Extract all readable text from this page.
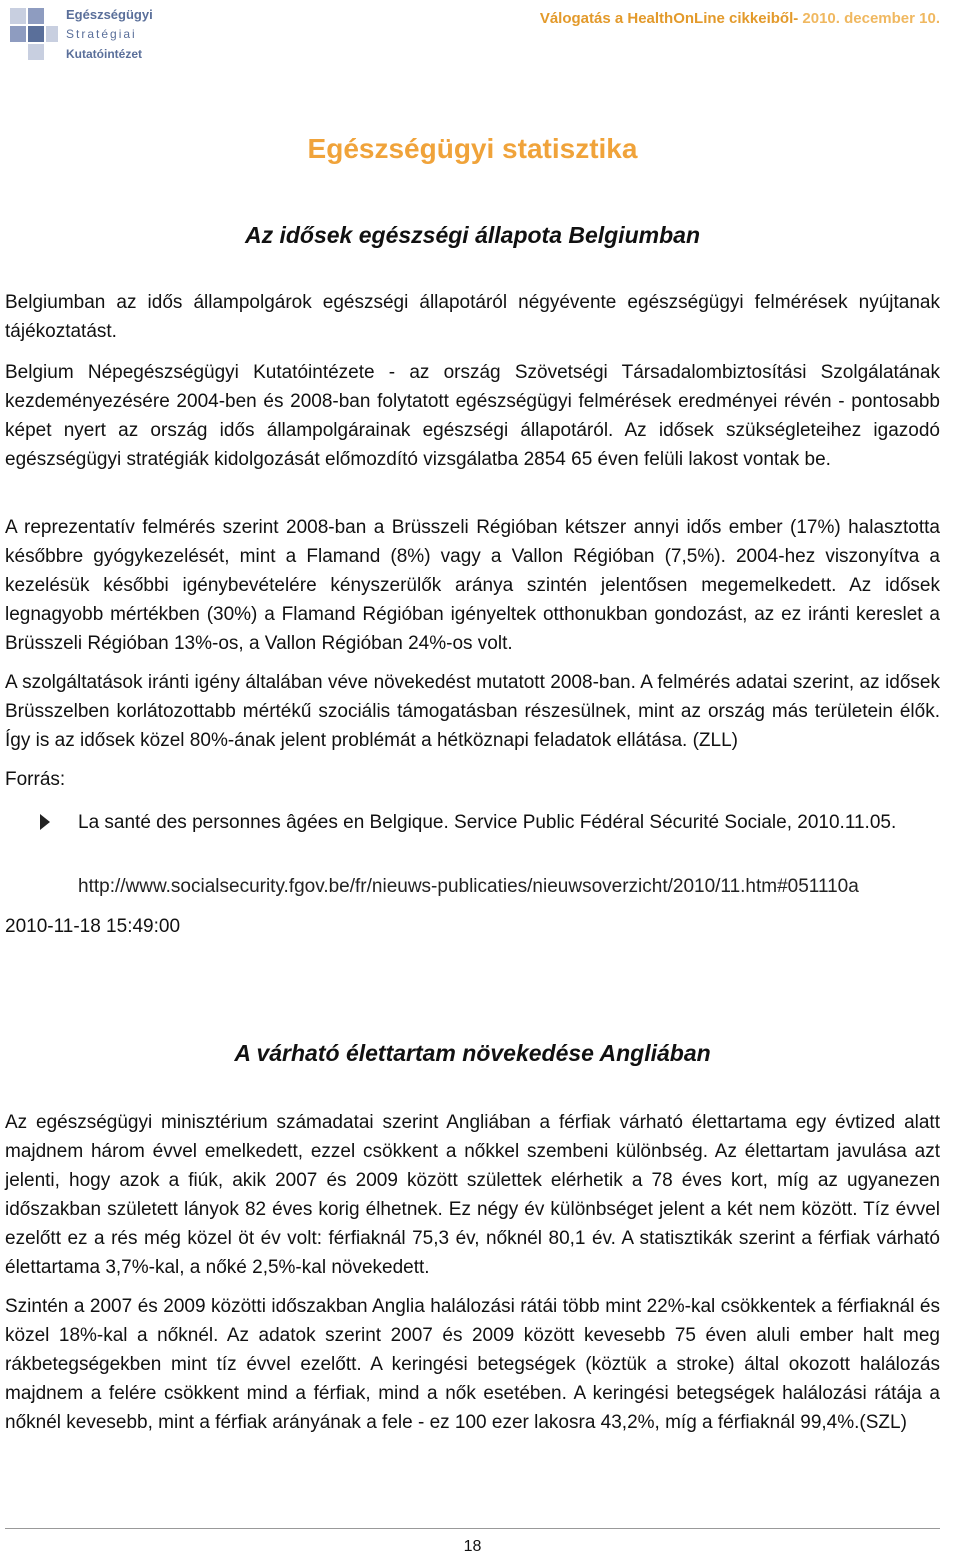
Egészségügyi
Stratégiai
Kutatóintézet
Válogatás a HealthOnLine cikkeiből- 2010. december 10.
Egészségügyi statisztika
Az idősek egészségi állapota Belgiumban

Belgiumban az idős állampolgárok egészségi állapotáról négyévente egészségügyi felmérések nyújtanak tájékoztatást.

Belgium Népegészségügyi Kutatóintézete - az ország Szövetségi Társadalombiztosítási Szolgálatának kezdeményezésére 2004-ben és 2008-ban folytatott egészségügyi felmérések eredményei révén - pontosabb képet nyert az ország idős állampolgárainak egészségi állapotáról. Az idősek szükségleteihez igazodó egészségügyi stratégiák kidolgozását előmozdító vizsgálatba 2854 65 éven felüli lakost vontak be.

A reprezentatív felmérés szerint 2008-ban a Brüsszeli Régióban kétszer annyi idős ember (17%) halasztotta későbbre gyógykezelését, mint a Flamand (8%) vagy a Vallon Régióban (7,5%). 2004-hez viszonyítva a kezelésük későbbi igénybevételére kényszerülők aránya szintén jelentősen megemelkedett. Az idősek legnagyobb mértékben (30%) a Flamand Régióban igényeltek otthonukban gondozást, az ez iránti kereslet a Brüsszeli Régióban 13%-os, a Vallon Régióban 24%-os volt.

A szolgáltatások iránti igény általában véve növekedést mutatott 2008-ban. A felmérés adatai szerint, az idősek Brüsszelben korlátozottabb mértékű szociális támogatásban részesülnek, mint az ország más területein élők. Így is az idősek közel 80%-ának jelent problémát a hétköznapi feladatok ellátása. (ZLL)

Forrás:

La santé des personnes âgées en Belgique. Service Public Fédéral Sécurité Sociale, 2010.11.05.

http://www.socialsecurity.fgov.be/fr/nieuws-publicaties/nieuwsoverzicht/2010/11.htm#051110a
2010-11-18 15:49:00
A várható élettartam növekedése Angliában

Az egészségügyi minisztérium számadatai szerint Angliában a férfiak várható élettartama egy évtized alatt majdnem három évvel emelkedett, ezzel csökkent a nőkkel szembeni különbség. Az élettartam javulása azt jelenti, hogy azok a fiúk, akik 2007 és 2009 között születtek elérhetik a 78 éves kort, míg az ugyanezen időszakban született lányok 82 éves korig élhetnek. Ez négy év különbséget jelent a két nem között. Tíz évvel ezelőtt ez a rés még közel öt év volt: férfiaknál 75,3 év, nőknél 80,1 év. A statisztikák szerint a férfiak várható élettartama 3,7%-kal, a nőké 2,5%-kal növekedett.

Szintén a 2007 és 2009 közötti időszakban Anglia halálozási rátái több mint 22%-kal csökkentek a férfiaknál és közel 18%-kal a nőknél. Az adatok szerint 2007 és 2009 között kevesebb 75 éven aluli ember halt meg rákbetegségekben mint tíz évvel ezelőtt. A keringési betegségek (köztük a stroke) által okozott halálozás majdnem a felére csökkent mind a férfiak, mind a nők esetében. A keringési betegségek halálozási rátája a nőknél kevesebb, mint a férfiak arányának a fele - ez 100 ezer lakosra 43,2%, míg a férfiaknál 99,4%.(SZL)

18
